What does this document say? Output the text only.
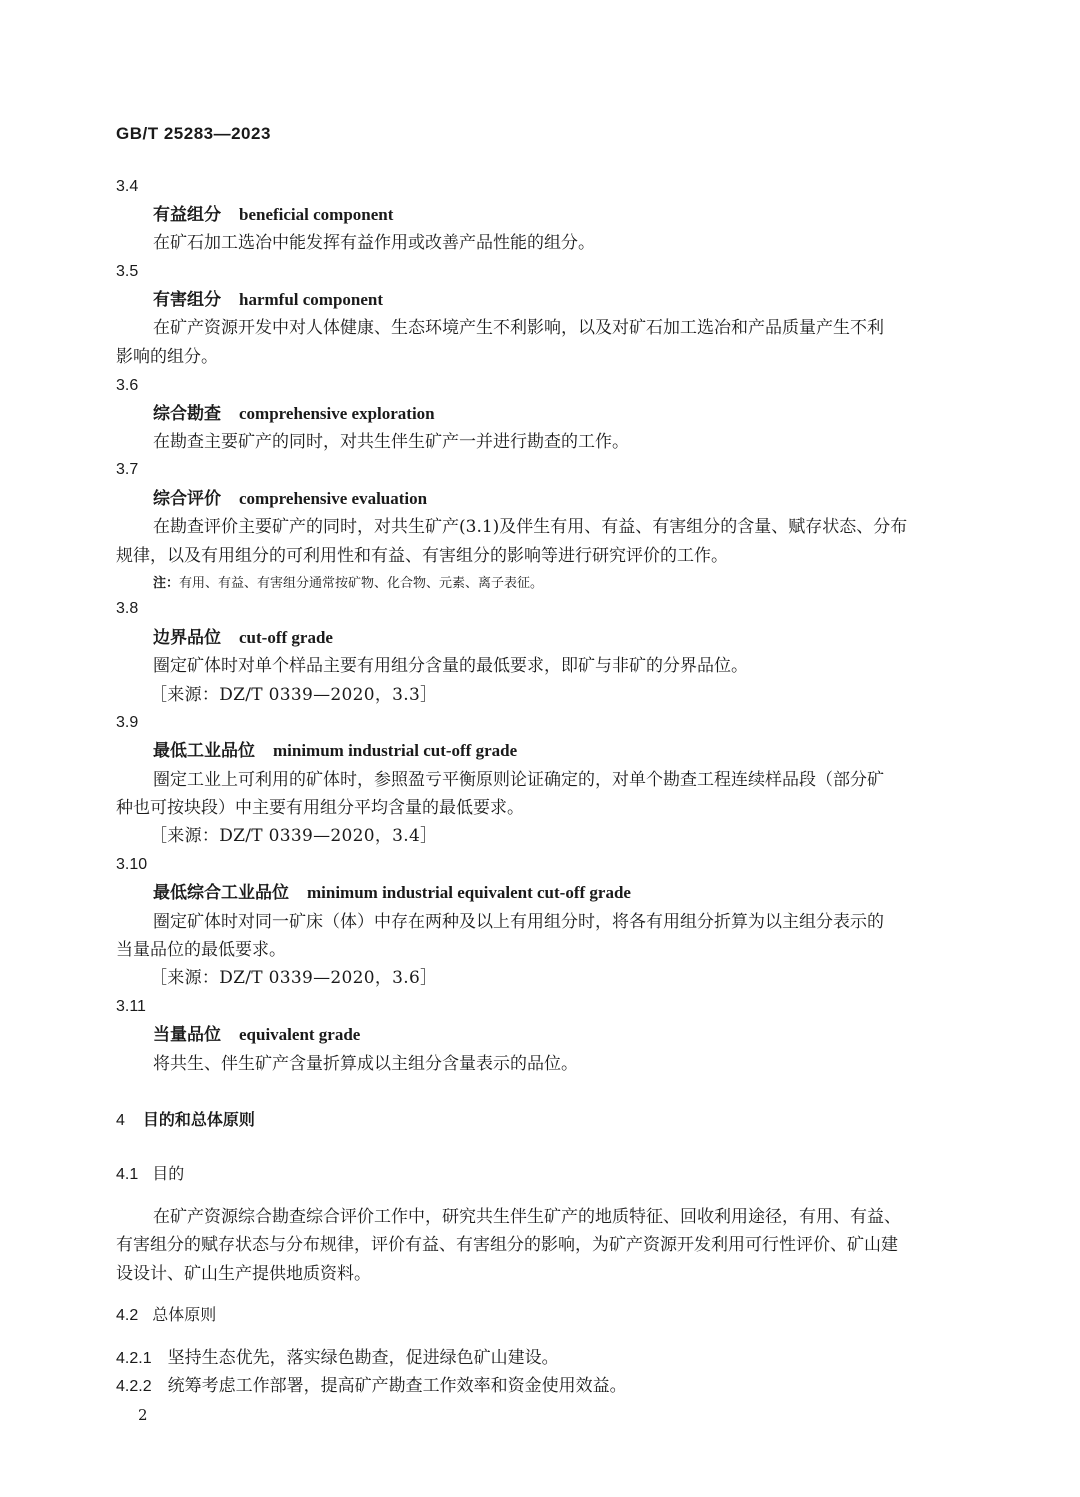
GB/T 25283—2023
3.4
有益组分 beneficial component
在矿石加工选冶中能发挥有益作用或改善产品性能的组分。
3.5
有害组分 harmful component
在矿产资源开发中对人体健康、生态环境产生不利影响，以及对矿石加工选冶和产品质量产生不利
影响的组分。
3.6
综合勘查 comprehensive exploration
在勘查主要矿产的同时，对共生伴生矿产一并进行勘查的工作。
3.7
综合评价 comprehensive evaluation
在勘查评价主要矿产的同时，对共生矿产(3.1)及伴生有用、有益、有害组分的含量、赋存状态、分布
规律，以及有用组分的可利用性和有益、有害组分的影响等进行研究评价的工作。
注：有用、有益、有害组分通常按矿物、化合物、元素、离子表征。
3.8
边界品位 cut-off grade
圈定矿体时对单个样品主要有用组分含量的最低要求，即矿与非矿的分界品位。
［来源：DZ/T 0339—2020，3.3］
3.9
最低工业品位 minimum industrial cut-off grade
圈定工业上可利用的矿体时，参照盈亏平衡原则论证确定的，对单个勘查工程连续样品段（部分矿
种也可按块段）中主要有用组分平均含量的最低要求。
［来源：DZ/T 0339—2020，3.4］
3.10
最低综合工业品位 minimum industrial equivalent cut-off grade
圈定矿体时对同一矿床（体）中存在两种及以上有用组分时，将各有用组分折算为以主组分表示的
当量品位的最低要求。
［来源：DZ/T 0339—2020，3.6］
3.11
当量品位 equivalent grade
将共生、伴生矿产含量折算成以主组分含量表示的品位。
4 目的和总体原则
4.1 目的
在矿产资源综合勘查综合评价工作中，研究共生伴生矿产的地质特征、回收利用途径，有用、有益、
有害组分的赋存状态与分布规律，评价有益、有害组分的影响，为矿产资源开发利用可行性评价、矿山建
设设计、矿山生产提供地质资料。
4.2 总体原则
4.2.1 坚持生态优先，落实绿色勘查，促进绿色矿山建设。
4.2.2 统筹考虑工作部署，提高矿产勘查工作效率和资金使用效益。
2
